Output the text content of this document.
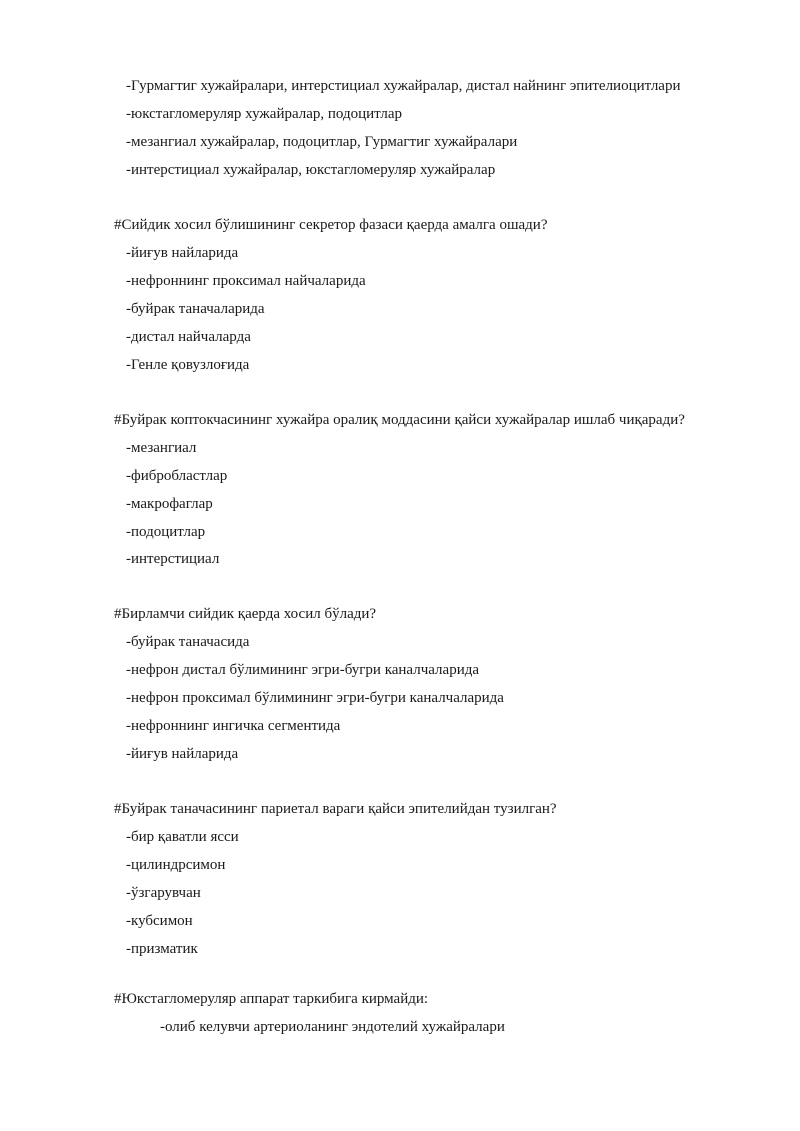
-Гурмагтиг хужайралари, интерстициал хужайралар, дистал найнинг эпителиоцитлари
-юкстагломеруляр хужайралар, подоцитлар
-мезангиал хужайралар, подоцитлар, Гурмагтиг хужайралари
-интерстициал хужайралар, юкстагломеруляр хужайралар
#Сийдик хосил бўлишининг секретор фазаси қаерда амалга ошади?
-йиғув найларида
-нефроннинг проксимал найчаларида
-буйрак таначаларида
-дистал найчаларда
-Генле қовузлоғида
#Буйрак коптокчасининг хужайра оралиқ моддасини қайси хужайралар ишлаб чиқаради?
-мезангиал
-фибробластлар
-макрофаглар
-подоцитлар
-интерстициал
#Бирламчи сийдик қаерда хосил бўлади?
-буйрак таначасида
-нефрон дистал бўлимининг эгри-бугри каналчаларида
-нефрон проксимал бўлимининг эгри-бугри каналчаларида
-нефроннинг ингичка сегментида
-йиғув найларида
#Буйрак таначасининг париетал вараги қайси эпителийдан тузилган?
-бир қаватли ясси
-цилиндрсимон
-ўзгарувчан
-кубсимон
-призматик
#Юкстагломеруляр аппарат таркибига кирмайди:
-олиб келувчи артериоланинг эндотелий хужайралари
